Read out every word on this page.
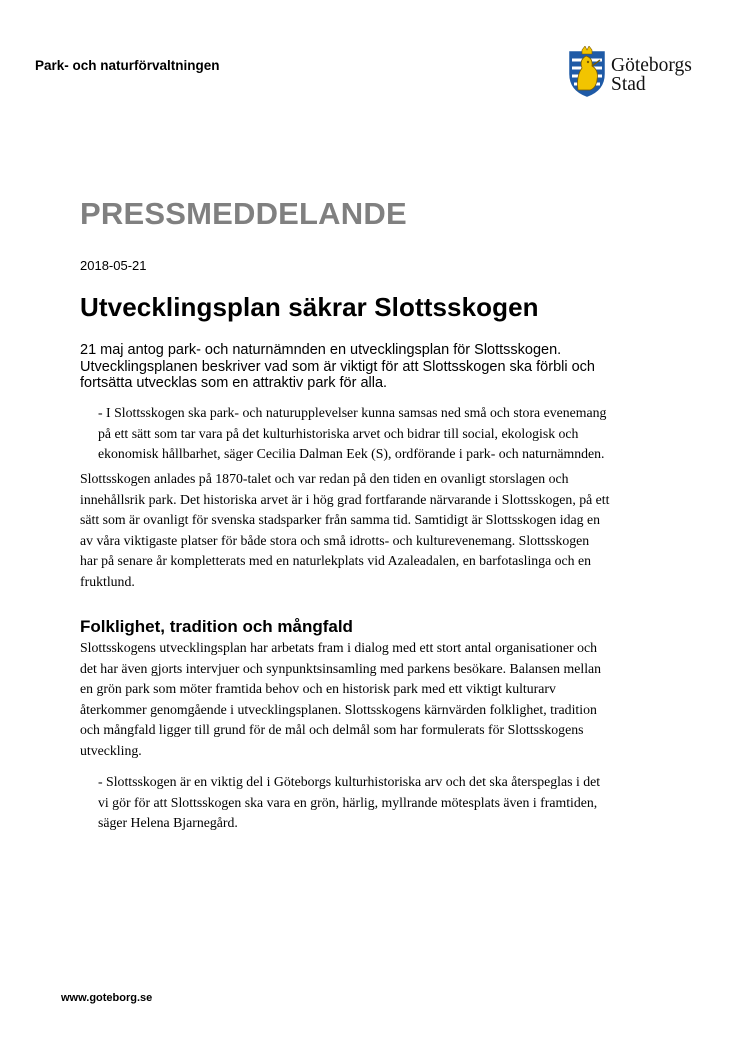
Park- och naturförvaltningen	Göteborgs
Stad
PRESSMEDDELANDE
2018-05-21
Utvecklingsplan säkrar Slottsskogen
21 maj antog park- och naturnämnden en utvecklingsplan för Slottsskogen.
Utvecklingsplanen beskriver vad som är viktigt för att Slottsskogen ska förbli och
fortsätta utvecklas som en attraktiv park för alla.
- I Slottsskogen ska park- och naturupplevelser kunna samsas ned små och stora evenemang
på ett sätt som tar vara på det kulturhistoriska arvet och bidrar till social, ekologisk och
ekonomisk hållbarhet, säger Cecilia Dalman Eek (S), ordförande i park- och naturnämnden.
Slottsskogen anlades på 1870-talet och var redan på den tiden en ovanligt storslagen och
innehållsrik park. Det historiska arvet är i hög grad fortfarande närvarande i Slottsskogen, på ett
sätt som är ovanligt för svenska stadsparker från samma tid. Samtidigt är Slottsskogen idag en
av våra viktigaste platser för både stora och små idrotts- och kulturevenemang. Slottsskogen
har på senare år kompletterats med en naturlekplats vid Azaleadalen, en barfotaslinga och en
fruktlund.
Folklighet, tradition och mångfald
Slottsskogens utvecklingsplan har arbetats fram i dialog med ett stort antal organisationer och
det har även gjorts intervjuer och synpunktsinsamling med parkens besökare. Balansen mellan
en grön park som möter framtida behov och en historisk park med ett viktigt kulturarv
återkommer genomgående i utvecklingsplanen. Slottsskogens kärnvärden folklighet, tradition
och mångfald ligger till grund för de mål och delmål som har formulerats för Slottsskogens
utveckling.
- Slottsskogen är en viktig del i Göteborgs kulturhistoriska arv och det ska återspeglas i det
vi gör för att Slottsskogen ska vara en grön, härlig, myllrande mötesplats även i framtiden,
säger Helena Bjarnegård.
www.goteborg.se
